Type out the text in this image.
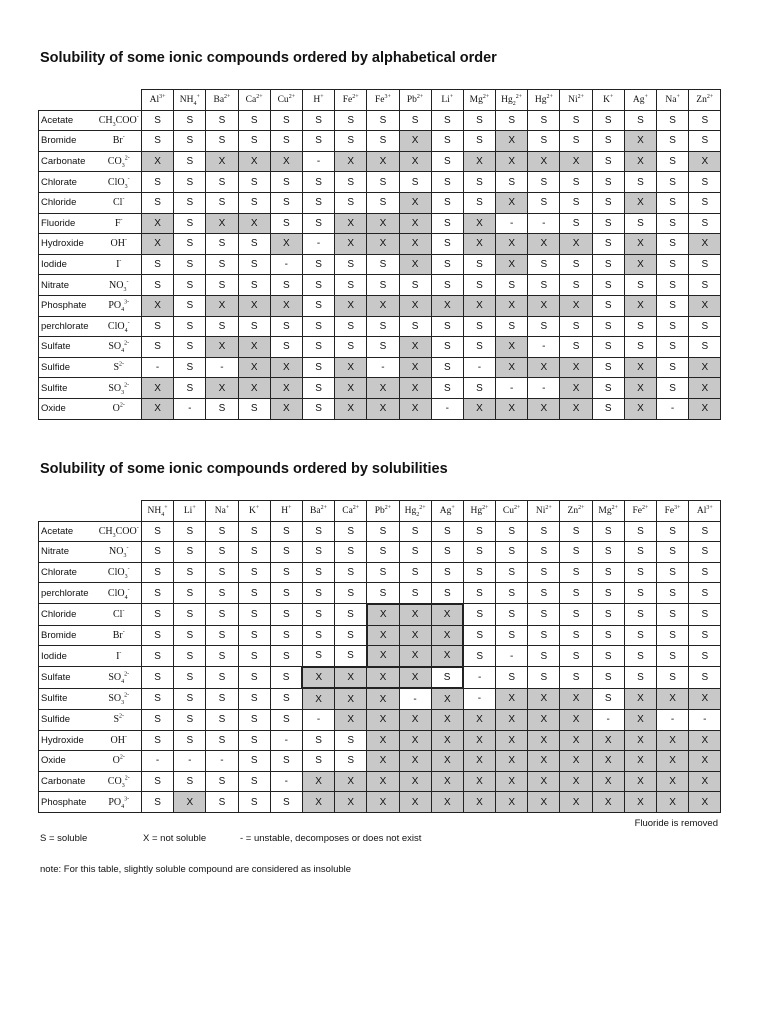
Solubility of some ionic compounds ordered by alphabetical order
		$Al^{3+}$	$NH_4^+$	$Ba^{2+}$	$Ca^{2+}$	$Cu^{2+}$	H+	$Fe^{2+}$	$Fe^{3+}$	$Pb^{2+}$	Li+	$Mg^{2+}$	$Hg_2^{2+}$	$Hg^{2+}$	$Ni^{2+}$	K+	Ag+	Na+	$Zn^{2+}$
Acetate	$CH_3COO^-$	S	S	S	S	S	S	S	S	S	S	S	S	S	S	S	S	S	S
Bromide	Br-	S	S	S	S	S	S	S	S	X	S	S	X	S	S	S	X	S	S
Carbonate	$CO_3^{2-}$	X	S	X	X	X	-	X	X	X	S	X	X	X	X	S	X	S	X
Chlorate	ClO$_3$-	S	S	S	S	S	S	S	S	S	S	S	S	S	S	S	S	S	S
Chloride	Cl-	S	S	S	S	S	S	S	S	X	S	S	X	S	S	S	X	S	S
Fluoride	F-	X	S	X	X	S	S	X	X	X	S	X	-	-	S	S	S	S	S
Hydroxide	OH-	X	S	S	S	X	-	X	X	X	S	X	X	X	X	S	X	S	X
Iodide	I-	S	S	S	S	-	S	S	S	X	S	S	X	S	S	S	X	S	S
Nitrate	$NO_3^-$	S	S	S	S	S	S	S	S	S	S	S	S	S	S	S	S	S	S
Phosphate	$PO_4^{3-}$	X	S	X	X	X	S	X	X	X	X	X	X	X	X	S	X	S	X
perchlorate	ClO$_4$-	S	S	S	S	S	S	S	S	S	S	S	S	S	S	S	S	S	S
Sulfate	$SO_4^{2-}$	S	S	X	X	S	S	S	S	X	S	S	X	-	S	S	S	S	S
Sulfide	$S^{2-}$	-	S	-	X	X	S	X	-	X	S	-	X	X	X	S	X	S	X
Sulfite	$SO_3^{2-}$	X	S	X	X	X	S	X	X	X	S	S	-	-	X	S	X	S	X
Oxide	$O^{2-}$	X	-	S	S	X	S	X	X	X	-	X	X	X	X	S	X	-	X
Solubility of some ionic compounds ordered by solubilities
		$NH_4^+$	Li+	Na+	K+	H+	$Ba^{2+}$	$Ca^{2+}$	$Pb^{2+}$	$Hg_2^{2+}$	Ag+	$Hg^{2+}$	$Cu^{2+}$	$Ni^{2+}$	$Zn^{2+}$	$Mg^{2+}$	$Fe^{2+}$	$Fe^{3+}$	$Al^{3+}$
Acetate	$CH_3COO^-$	S	S	S	S	S	S	S	S	S	S	S	S	S	S	S	S	S	S
Nitrate	$NO_3^-$	S	S	S	S	S	S	S	S	S	S	S	S	S	S	S	S	S	S
Chlorate	ClO$_3$-	S	S	S	S	S	S	S	S	S	S	S	S	S	S	S	S	S	S
perchlorate	ClO$_4$-	S	S	S	S	S	S	S	S	S	S	S	S	S	S	S	S	S	S
Chloride	Cl-	S	S	S	S	S	S	S	X	X	X	S	S	S	S	S	S	S	S
Bromide	Br-	S	S	S	S	S	S	S	X	X	X	S	S	S	S	S	S	S	S
Iodide	I-	S	S	S	S	S	S	S	X	X	X	S	-	S	S	S	S	S	S
Sulfate	$SO_4^{2-}$	S	S	S	S	S	X	X	X	X	S	-	S	S	S	S	S	S	S
Sulfite	$SO_3^{2-}$	S	S	S	S	S	X	X	X	-	X	-	X	X	X	S	X	X	X
Sulfide	$S^{2-}$	S	S	S	S	S	-	X	X	X	X	X	X	X	X	-	X	-	-
Hydroxide	OH-	S	S	S	S	-	S	S	X	X	X	X	X	X	X	X	X	X	X
Oxide	$O^{2-}$	-	-	-	S	S	S	S	X	X	X	X	X	X	X	X	X	X	X
Carbonate	$CO_3^{2-}$	S	S	S	S	-	X	X	X	X	X	X	X	X	X	X	X	X	X
Phosphate	$PO_4^{3-}$	S	X	S	S	S	X	X	X	X	X	X	X	X	X	X	X	X	X
Fluoride is removed
S = soluble	X = not soluble	- = unstable, decomposes or does not exist
note: For this table, slightly soluble compound are considered as insoluble
